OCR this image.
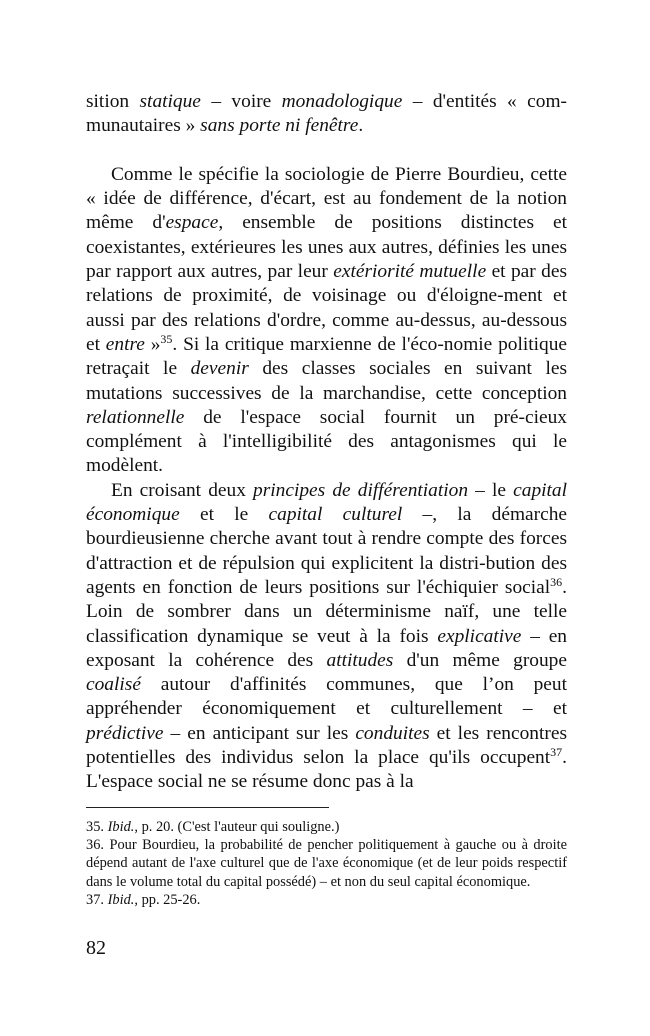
sition statique – voire monadologique – d'entités « com-munautaires » sans porte ni fenêtre.

Comme le spécifie la sociologie de Pierre Bourdieu, cette « idée de différence, d'écart, est au fondement de la notion même d'espace, ensemble de positions distinctes et coexistantes, extérieures les unes aux autres, définies les unes par rapport aux autres, par leur extériorité mutuelle et par des relations de proximité, de voisinage ou d'éloigne-ment et aussi par des relations d'ordre, comme au-dessus, au-dessous et entre »$^{35}$. Si la critique marxienne de l'éco-nomie politique retraçait le devenir des classes sociales en suivant les mutations successives de la marchandise, cette conception relationnelle de l'espace social fournit un pré-cieux complément à l'intelligibilité des antagonismes qui le modèlent.

En croisant deux principes de différentiation – le capital économique et le capital culturel –, la démarche bourdieusienne cherche avant tout à rendre compte des forces d'attraction et de répulsion qui explicitent la distri-bution des agents en fonction de leurs positions sur l'échiquier social$^{36}$. Loin de sombrer dans un déterminisme naïf, une telle classification dynamique se veut à la fois explicative – en exposant la cohérence des attitudes d'un même groupe coalisé autour d'affinités communes, que l’on peut appréhender économiquement et culturellement – et prédictive – en anticipant sur les conduites et les rencontres potentielles des individus selon la place qu'ils occupent$^{37}$. L'espace social ne se résume donc pas à la

35. Ibid., p. 20. (C'est l'auteur qui souligne.)

36. Pour Bourdieu, la probabilité de pencher politiquement à gauche ou à droite dépend autant de l'axe culturel que de l'axe économique (et de leur poids respectif dans le volume total du capital possédé) – et non du seul capital économique.

37. Ibid., pp. 25-26.

82
